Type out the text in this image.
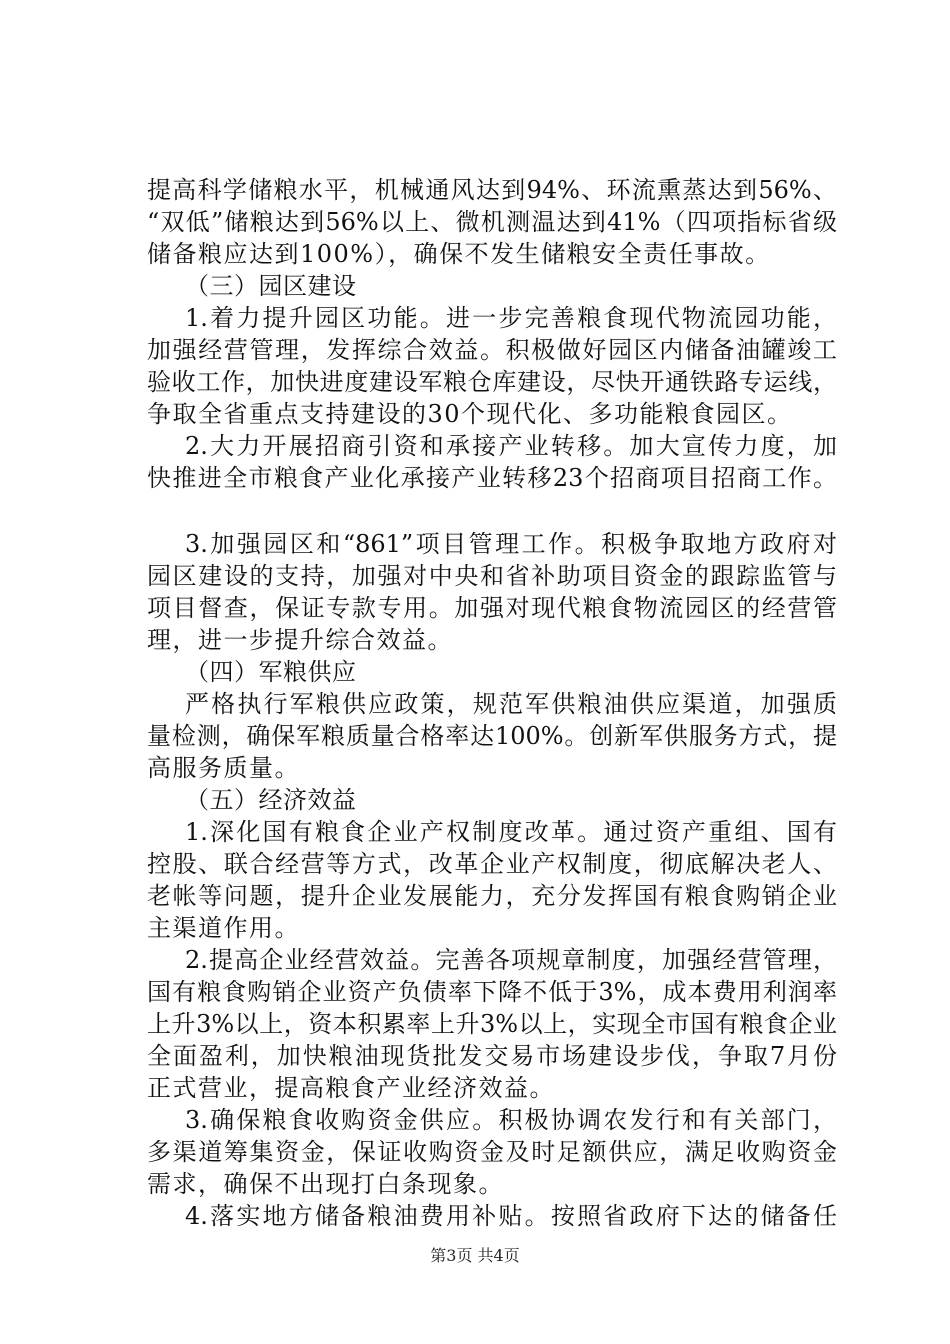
提高科学储粮水平，机械通风达到94%、环流熏蒸达到56%、
“双低”储粮达到56%以上、微机测温达到41%（四项指标省级
储备粮应达到100%），确保不发生储粮安全责任事故。
（三）园区建设
1.着力提升园区功能。进一步完善粮食现代物流园功能，
加强经营管理，发挥综合效益。积极做好园区内储备油罐竣工
验收工作，加快进度建设军粮仓库建设，尽快开通铁路专运线，
争取全省重点支持建设的30个现代化、多功能粮食园区。
2.大力开展招商引资和承接产业转移。加大宣传力度，加
快推进全市粮食产业化承接产业转移23个招商项目招商工作。
3.加强园区和“861”项目管理工作。积极争取地方政府对
园区建设的支持，加强对中央和省补助项目资金的跟踪监管与
项目督查，保证专款专用。加强对现代粮食物流园区的经营管
理，进一步提升综合效益。
（四）军粮供应
严格执行军粮供应政策，规范军供粮油供应渠道，加强质
量检测，确保军粮质量合格率达100%。创新军供服务方式，提
高服务质量。
（五）经济效益
1.深化国有粮食企业产权制度改革。通过资产重组、国有
控股、联合经营等方式，改革企业产权制度，彻底解决老人、
老帐等问题，提升企业发展能力，充分发挥国有粮食购销企业
主渠道作用。
2.提高企业经营效益。完善各项规章制度，加强经营管理，
国有粮食购销企业资产负债率下降不低于3%，成本费用利润率
上升3%以上，资本积累率上升3%以上，实现全市国有粮食企业
全面盈利，加快粮油现货批发交易市场建设步伐，争取7月份
正式营业，提高粮食产业经济效益。
3.确保粮食收购资金供应。积极协调农发行和有关部门，
多渠道筹集资金，保证收购资金及时足额供应，满足收购资金
需求，确保不出现打白条现象。
4.落实地方储备粮油费用补贴。按照省政府下达的储备任
第3页 共4页
